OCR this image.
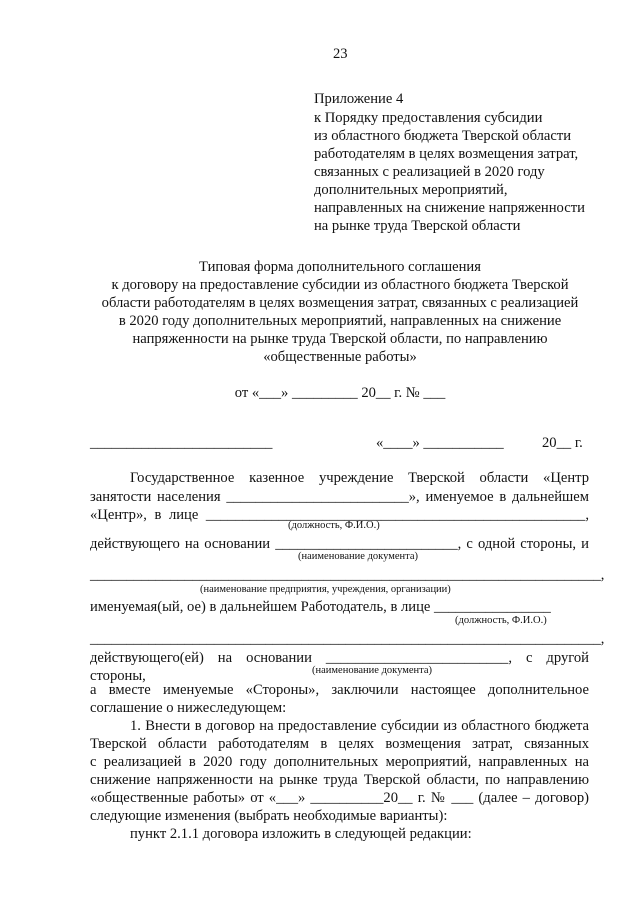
23
Приложение 4
к Порядку предоставления субсидии
из областного бюджета Тверской области
работодателям в целях возмещения затрат,
связанных с реализацией в 2020 году
дополнительных мероприятий,
направленных на снижение напряженности
на рынке труда Тверской области
Типовая форма дополнительного соглашения
к договору на предоставление субсидии из областного бюджета Тверской
области работодателям в целях возмещения затрат, связанных с реализацией
в 2020 году дополнительных мероприятий, направленных на снижение
напряженности на рынке труда Тверской области, по направлению
«общественные работы»
от «___» _________ 20__ г. № ___
_________________________	«____» ___________	20__ г.
Государственное казенное учреждение Тверской области «Центр
занятости населения _________________________», именуемое в дальнейшем
«Центр», в лице ____________________________________________________,
(должность, Ф.И.О.)
действующего на основании _________________________, с одной стороны, и
(наименование документа)
______________________________________________________________________,
(наименование предприятия, учреждения, организации)
именуемая(ый, ое) в дальнейшем Работодатель, в лице ________________
(должность, Ф.И.О.)
______________________________________________________________________,
действующего(ей) на основании _________________________, с другой стороны,	(наименование документа)
а вместе именуемые «Стороны», заключили настоящее дополнительное
соглашение о нижеследующем:
1. Внести в договор на предоставление субсидии из областного бюджета
Тверской области работодателям в целях возмещения затрат, связанных
с реализацией в 2020 году дополнительных мероприятий, направленных на
снижение напряженности на рынке труда Тверской области, по направлению
«общественные работы» от «___» __________20__ г. № ___ (далее – договор)
следующие изменения (выбрать необходимые варианты):
пункт 2.1.1 договора изложить в следующей редакции:
